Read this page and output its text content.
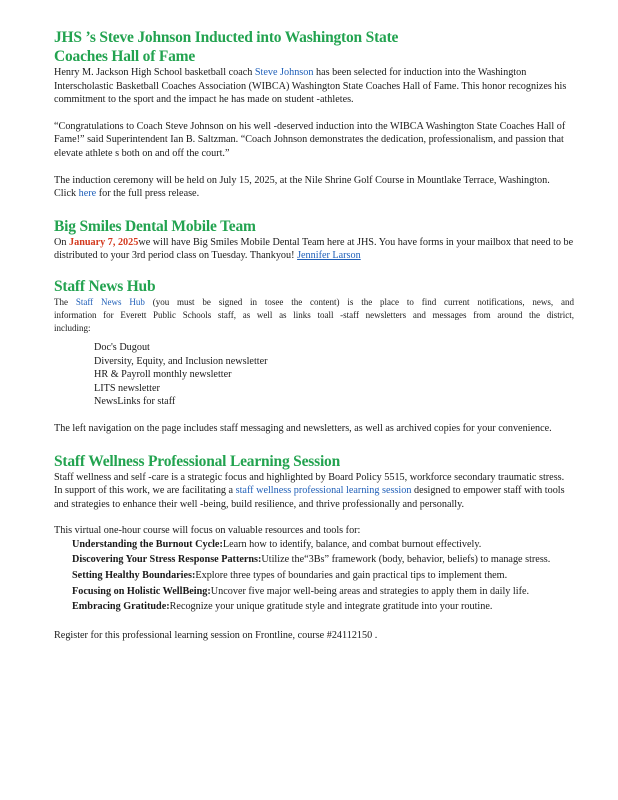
JHS ’s Steve Johnson Inducted into Washington State
Coaches Hall of Fame

Henry M. Jackson High School basketball coach Steve Johnson has been selected for induction into the Washington Interscholastic Basketball Coaches Association (WIBCA) Washington State Coaches Hall of Fame. This honor recognizes his commitment to the sport and the impact he has made on student -athletes.

“Congratulations to Coach Steve Johnson on his well -deserved induction into the WIBCA Washington State Coaches Hall of Fame!” said Superintendent Ian B. Saltzman. “Coach Johnson demonstrates the dedication, professionalism, and passion that elevate athlete s both on and off the court.”

The induction ceremony will be held on July 15, 2025, at the Nile Shrine Golf Course in Mountlake Terrace, Washington. Click here for the full press release.

Big Smiles Dental Mobile Team

On January 7, 2025we will have Big Smiles Mobile Dental Team here at JHS. You have forms in your mailbox that need to be distributed to your 3rd period class on Tuesday. Thankyou! Jennifer Larson

Staff News Hub

The Staff News Hub (you must be signed in tosee the content) is the place to find current notifications, news, and information for Everett Public Schools staff, as well as links toall -staff newsletters and messages from around the district, including:

Doc's Dugout
Diversity, Equity, and Inclusion newsletter
HR & Payroll monthly newsletter
LITS newsletter
NewsLinks for staff

The left navigation on the page includes staff messaging and newsletters, as well as archived copies for your convenience.

Staff Wellness Professional Learning Session

Staff wellness and self -care is a strategic focus and highlighted by Board Policy 5515, workforce secondary traumatic stress. In support of this work, we are facilitating a staff wellness professional learning session designed to empower staff with tools and strategies to enhance their well -being, build resilience, and thrive professionally and personally.

This virtual one-hour course will focus on valuable resources and tools for:

Understanding the Burnout Cycle:Learn how to identify, balance, and combat burnout effectively.
Discovering Your Stress Response Patterns:Utilize the“3Bs” framework (body, behavior, beliefs) to manage stress.
Setting Healthy Boundaries:Explore three types of boundaries and gain practical tips to implement them.
Focusing on Holistic WellBeing:Uncover five major well-being areas and strategies to apply them in daily life.
Embracing Gratitude:Recognize your unique gratitude style and integrate gratitude into your routine.

Register for this professional learning session on Frontline, course #24112150 .
